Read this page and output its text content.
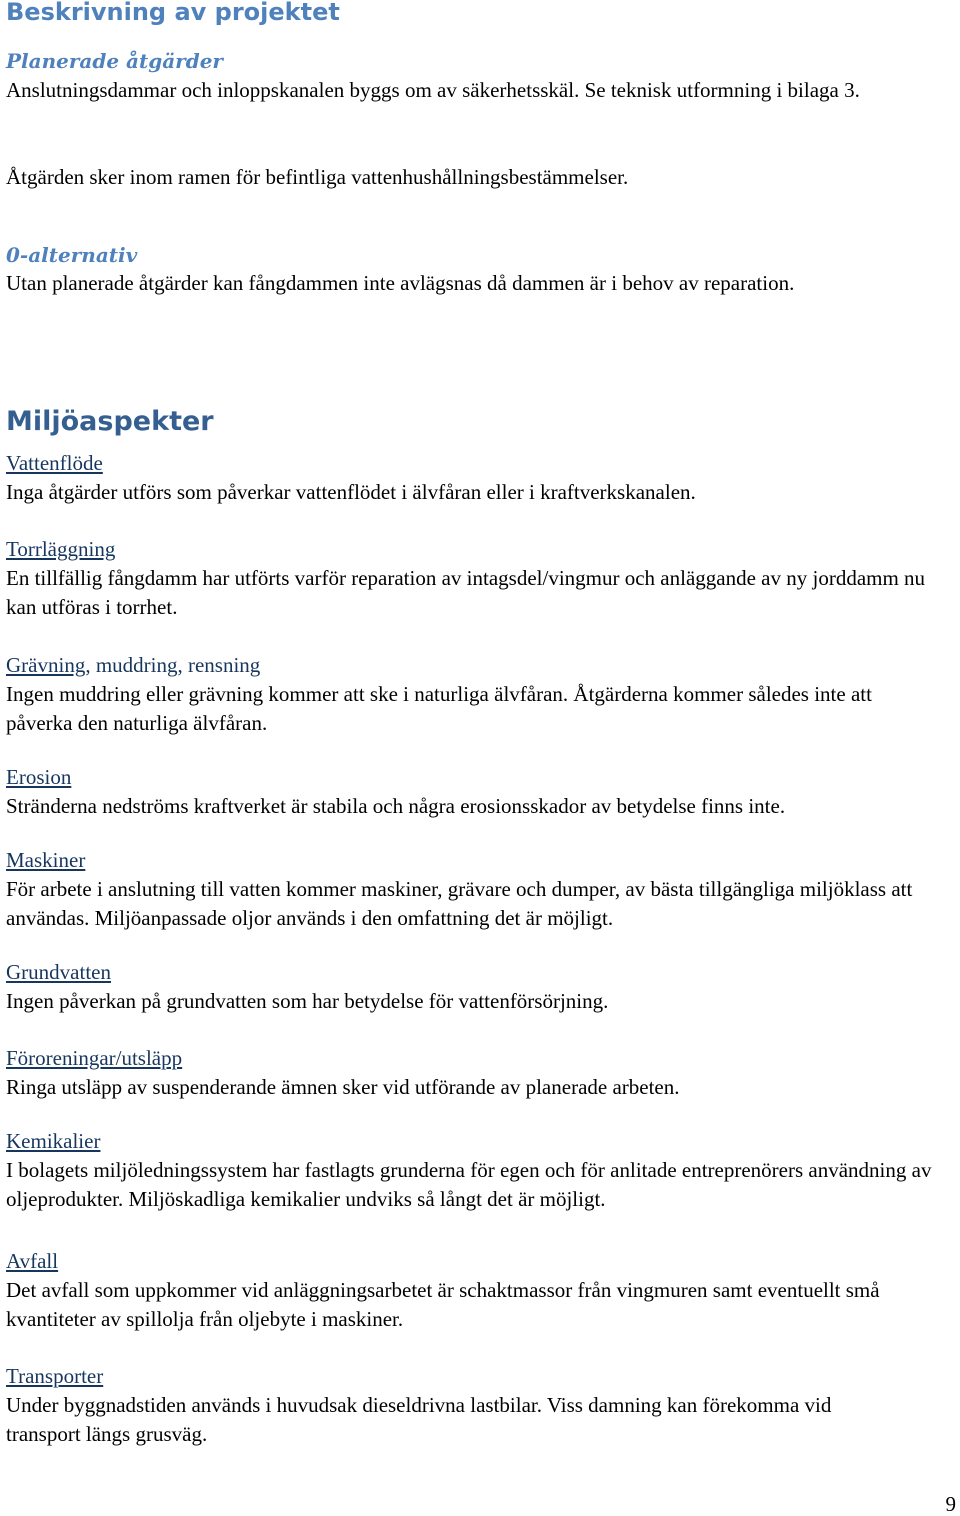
Beskrivning av projektet
Planerade åtgärder
Anslutningsdammar och inloppskanalen byggs om av säkerhetsskäl. Se teknisk utformning i bilaga 3.
Åtgärden sker inom ramen för befintliga vattenhushållningsbestämmelser.
0-alternativ
Utan planerade åtgärder kan fångdammen inte avlägsnas då dammen är i behov av reparation.
Miljöaspekter
Vattenflöde
Inga åtgärder utförs som påverkar vattenflödet i älvfåran eller i kraftverkskanalen.
Torrläggning
En tillfällig fångdamm har utförts varför reparation av intagsdel/vingmur och anläggande av ny jorddamm nu kan utföras i torrhet.
Grävning, muddring, rensning
Ingen muddring eller grävning kommer att ske i naturliga älvfåran. Åtgärderna kommer således inte att påverka den naturliga älvfåran.
Erosion
Stränderna nedströms kraftverket är stabila och några erosionsskador av betydelse finns inte.
Maskiner
För arbete i anslutning till vatten kommer maskiner, grävare och dumper, av bästa tillgängliga miljöklass att användas. Miljöanpassade oljor används i den omfattning det är möjligt.
Grundvatten
Ingen påverkan på grundvatten som har betydelse för vattenförsörjning.
Föroreningar/utsläpp
Ringa utsläpp av suspenderande ämnen sker vid utförande av planerade arbeten.
Kemikalier
I bolagets miljöledningssystem har fastlagts grunderna för egen och för anlitade entreprenörers användning av oljeprodukter. Miljöskadliga kemikalier undviks så långt det är möjligt.
Avfall
Det avfall som uppkommer vid anläggningsarbetet är schaktmassor från vingmuren samt eventuellt små kvantiteter av spillolja från oljebyte i maskiner.
Transporter
Under byggnadstiden används i huvudsak dieseldrivna lastbilar. Viss damning kan förekomma vid transport längs grusväg.
9
